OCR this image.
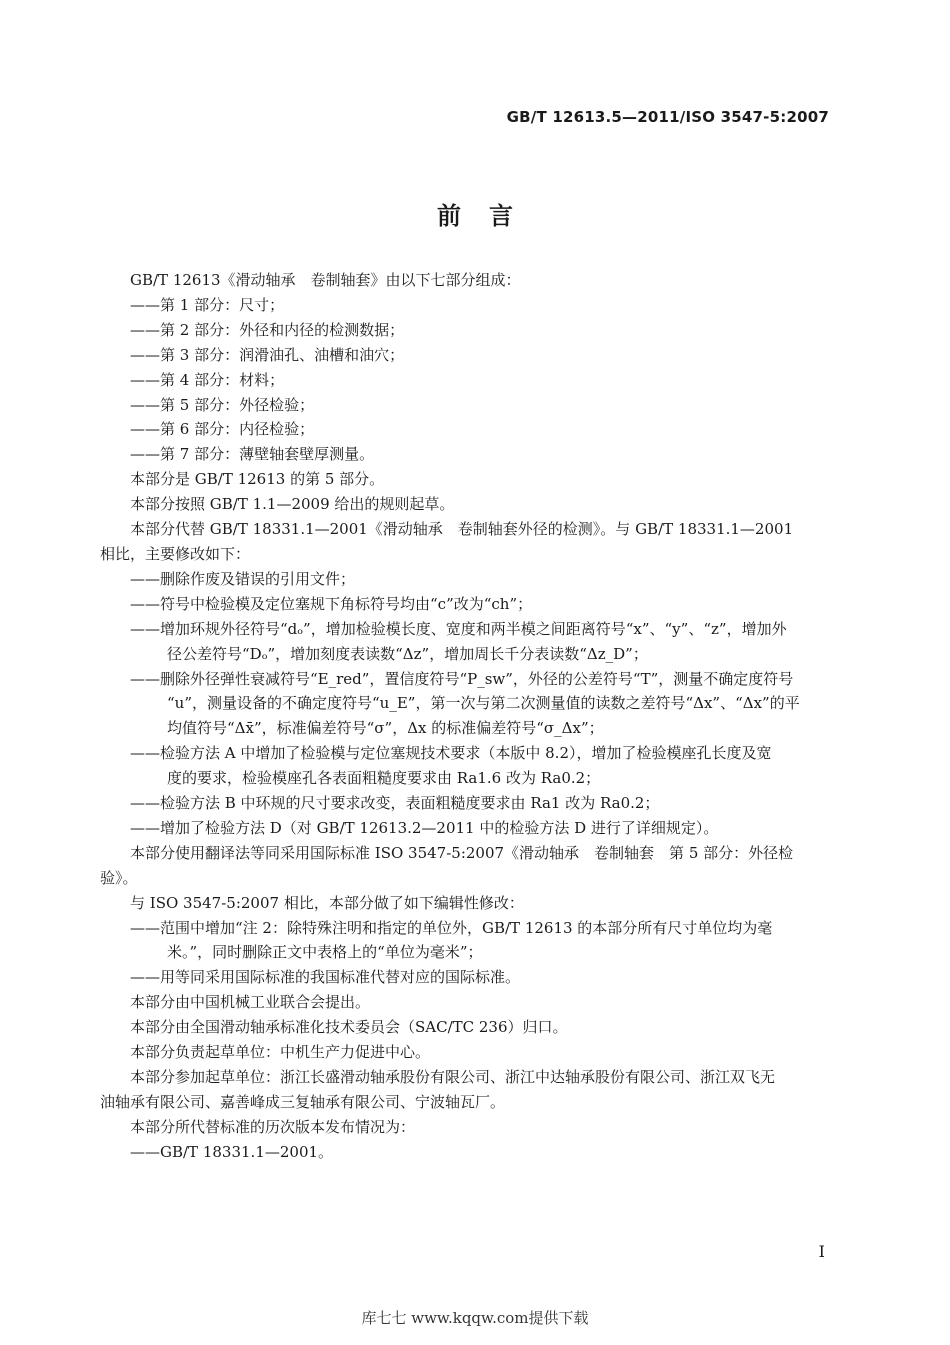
GB/T 12613.5—2011/ISO 3547-5:2007
前言
GB/T 12613《滑动轴承　卷制轴套》由以下七部分组成：
——第 1 部分：尺寸；
——第 2 部分：外径和内径的检测数据；
——第 3 部分：润滑油孔、油槽和油穴；
——第 4 部分：材料；
——第 5 部分：外径检验；
——第 6 部分：内径检验；
——第 7 部分：薄壁轴套壁厚测量。
本部分是 GB/T 12613 的第 5 部分。
本部分按照 GB/T 1.1—2009 给出的规则起草。
本部分代替 GB/T 18331.1—2001《滑动轴承　卷制轴套外径的检测》。与 GB/T 18331.1—2001
相比，主要修改如下：
——删除作废及错误的引用文件；
——符号中检验模及定位塞规下角标符号均由“c”改为“ch”；
——增加环规外径符号“dₒ”，增加检验模长度、宽度和两半模之间距离符号“x”、“y”、“z”，增加外
径公差符号“Dₒ”，增加刻度表读数“Δz”，增加周长千分表读数“Δz_D”；
——删除外径弹性衰减符号“E_red”，置信度符号“P_sw”，外径的公差符号“T”，测量不确定度符号
“u”，测量设备的不确定度符号“u_E”，第一次与第二次测量值的读数之差符号“Δx”、“Δx”的平
均值符号“Δx̄”，标准偏差符号“σ”，Δx 的标准偏差符号“σ_Δx”；
——检验方法 A 中增加了检验模与定位塞规技术要求（本版中 8.2），增加了检验模座孔长度及宽
度的要求，检验模座孔各表面粗糙度要求由 Ra1.6 改为 Ra0.2；
——检验方法 B 中环规的尺寸要求改变，表面粗糙度要求由 Ra1 改为 Ra0.2；
——增加了检验方法 D（对 GB/T 12613.2—2011 中的检验方法 D 进行了详细规定）。
本部分使用翻译法等同采用国际标准 ISO 3547-5:2007《滑动轴承　卷制轴套　第 5 部分：外径检
验》。
与 ISO 3547-5:2007 相比，本部分做了如下编辑性修改：
——范围中增加“注 2：除特殊注明和指定的单位外，GB/T 12613 的本部分所有尺寸单位均为毫
米。”，同时删除正文中表格上的“单位为毫米”；
——用等同采用国际标准的我国标准代替对应的国际标准。
本部分由中国机械工业联合会提出。
本部分由全国滑动轴承标准化技术委员会（SAC/TC 236）归口。
本部分负责起草单位：中机生产力促进中心。
本部分参加起草单位：浙江长盛滑动轴承股份有限公司、浙江中达轴承股份有限公司、浙江双飞无
油轴承有限公司、嘉善峰成三复轴承有限公司、宁波轴瓦厂。
本部分所代替标准的历次版本发布情况为：
——GB/T 18331.1—2001。
I
库七七 www.kqqw.com提供下载
